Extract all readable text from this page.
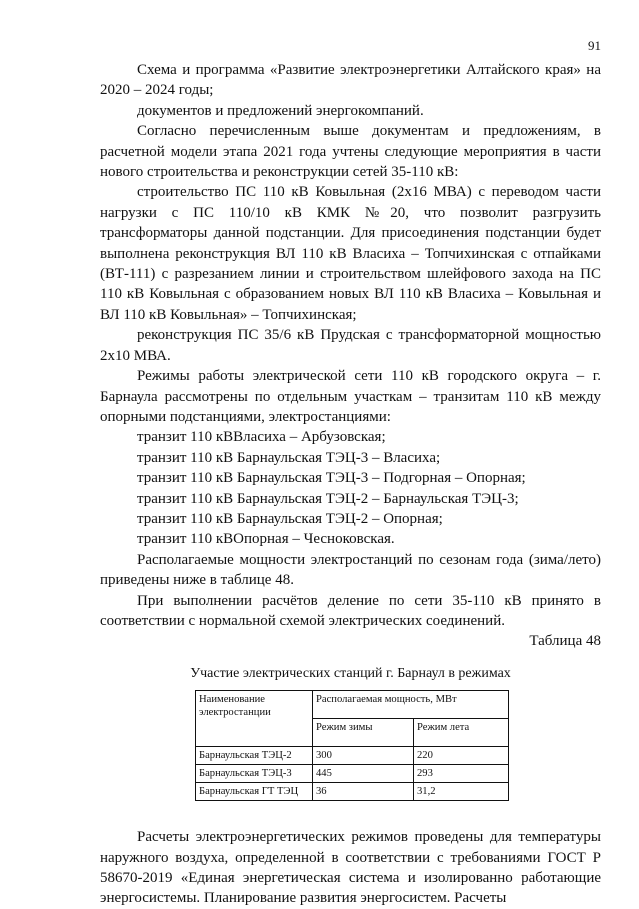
91

Схема и программа «Развитие электроэнергетики Алтайского края» на 2020 – 2024 годы;

документов и предложений энергокомпаний.

Согласно перечисленным выше документам и предложениям, в расчетной модели этапа 2021 года учтены следующие мероприятия в части нового строительства и реконструкции сетей 35-110 кВ:

строительство ПС 110 кВ Ковыльная (2х16 МВА) с переводом части нагрузки с ПС 110/10 кВ КМК №20, что позволит разгрузить трансформаторы данной подстанции. Для присоединения подстанции будет выполнена реконструкция ВЛ 110 кВ Власиха – Топчихинская с отпайками (ВТ-111) с разрезанием линии и строительством шлейфового захода на ПС 110 кВ Ковыльная с образованием новых ВЛ 110 кВ Власиха – Ковыльная и ВЛ 110 кВ Ковыльная» – Топчихинская;

реконструкция ПС 35/6 кВ Прудская с трансформаторной мощностью 2х10 МВА.

Режимы работы электрической сети 110 кВ городского округа – г. Барнаула рассмотрены по отдельным участкам – транзитам 110 кВ между опорными подстанциями, электростанциями:

транзит 110 кВВласиха – Арбузовская;

транзит 110 кВ Барнаульская ТЭЦ-3 – Власиха;

транзит 110 кВ Барнаульская ТЭЦ-3 – Подгорная – Опорная;

транзит 110 кВ Барнаульская ТЭЦ-2 – Барнаульская ТЭЦ-3;

транзит 110 кВ Барнаульская ТЭЦ-2 – Опорная;

транзит 110 кВОпорная – Чесноковская.

Располагаемые мощности электростанций по сезонам года (зима/лето) приведены ниже в таблице 48.

При выполнении расчётов деление по сети 35-110 кВ принято в соответствии с нормальной схемой электрических соединений.

Таблица 48

Участие электрических станций г. Барнаул в режимах

Наименование электростанции	Располагаемая мощность, МВт	
	Режим зимы	Режим лета
Барнаульская ТЭЦ-2	300	220
Барнаульская ТЭЦ-3	445	293
Барнаульская ГТ ТЭЦ	36	31,2

Расчеты электроэнергетических режимов проведены для температуры наружного воздуха, определенной в соответствии с требованиями ГОСТ Р 58670-2019 «Единая энергетическая система и изолированно работающие энергосистемы. Планирование развития энергосистем. Расчеты
